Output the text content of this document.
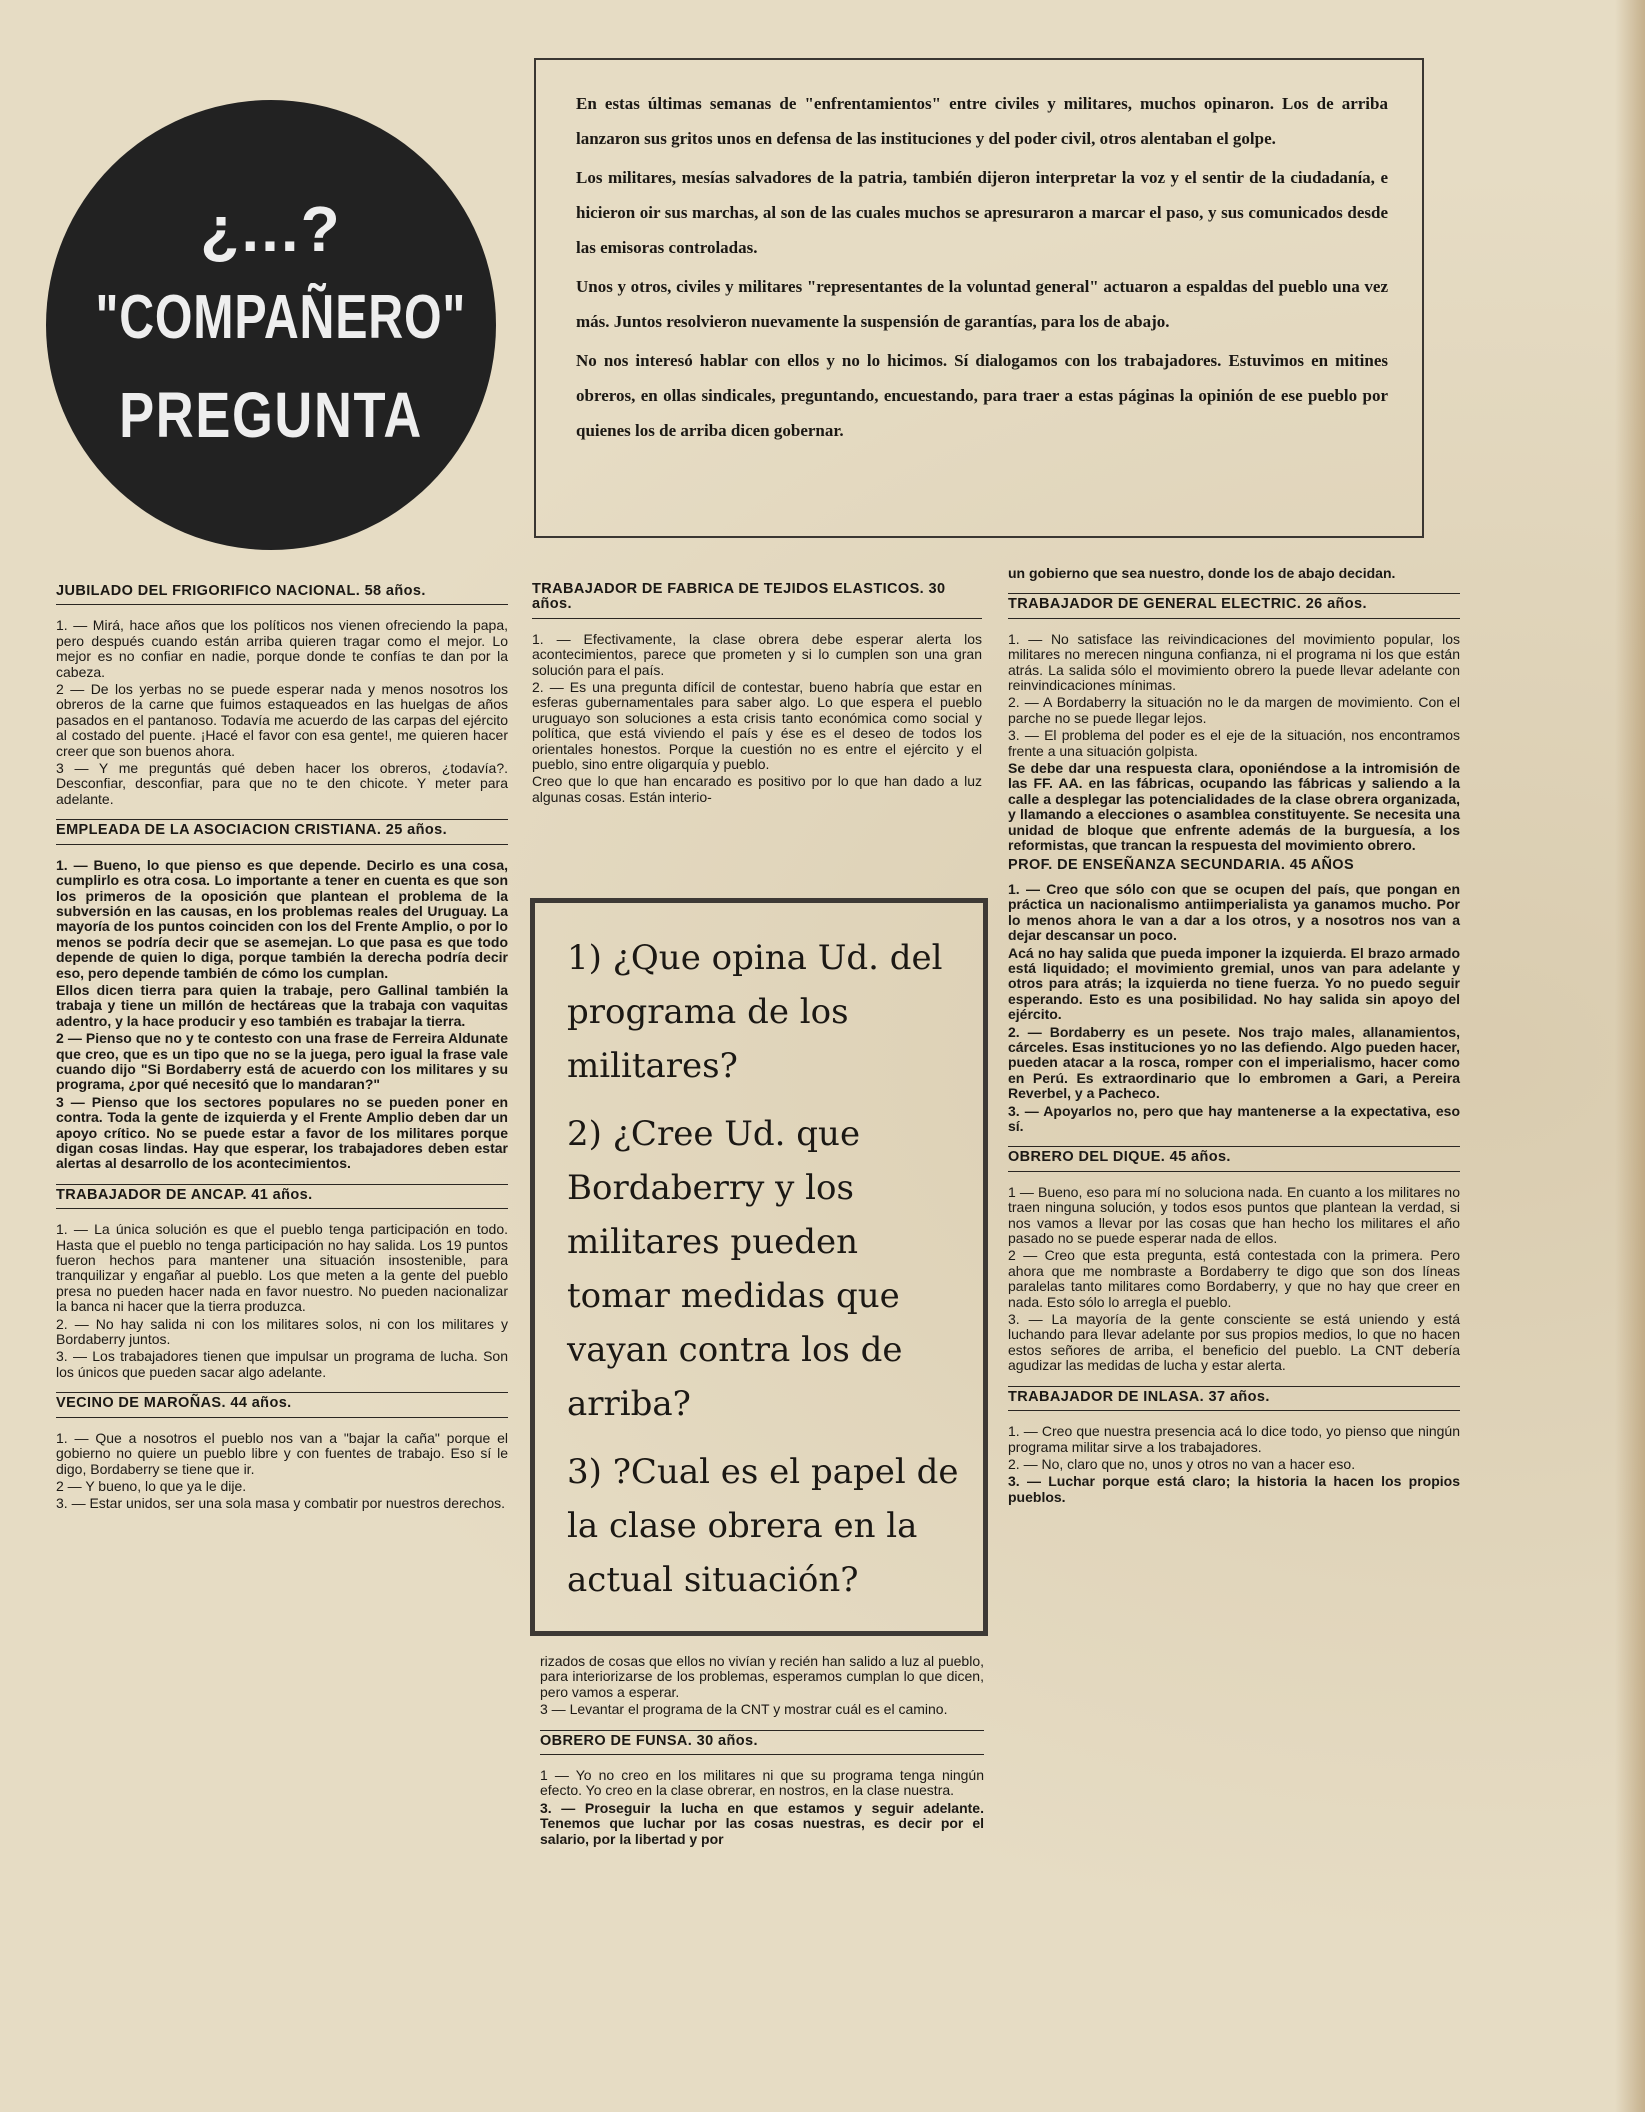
¿...?
"COMPAÑERO"
PREGUNTA

En estas últimas semanas de "enfrentamientos" entre civiles y militares, muchos opinaron. Los de arriba lanzaron sus gritos unos en defensa de las instituciones y del poder civil, otros alentaban el golpe.

Los militares, mesías salvadores de la patria, también dijeron interpretar la voz y el sentir de la ciudadanía, e hicieron oir sus marchas, al son de las cuales muchos se apresuraron a marcar el paso, y sus comunicados desde las emisoras controladas.

Unos y otros, civiles y militares "representantes de la voluntad general" actuaron a espaldas del pueblo una vez más. Juntos resolvieron nuevamente la suspensión de garantías, para los de abajo.

No nos interesó hablar con ellos y no lo hicimos. Sí dialogamos con los trabajadores. Estuvimos en mitines obreros, en ollas sindicales, preguntando, encuestando, para traer a estas páginas la opinión de ese pueblo por quienes los de arriba dicen gobernar.

JUBILADO DEL FRIGORIFICO NACIONAL. 58 años.

1. — Mirá, hace años que los políticos nos vienen ofreciendo la papa, pero después cuando están arriba quieren tragar como el mejor. Lo mejor es no confiar en nadie, porque donde te confías te dan por la cabeza.

2 — De los yerbas no se puede esperar nada y menos nosotros los obreros de la carne que fuimos estaqueados en las huelgas de años pasados en el pantanoso. Todavía me acuerdo de las carpas del ejército al costado del puente. ¡Hacé el favor con esa gente!, me quieren hacer creer que son buenos ahora.

3 — Y me preguntás qué deben hacer los obreros, ¿todavía?. Desconfiar, desconfiar, para que no te den chicote. Y meter para adelante.

EMPLEADA DE LA ASOCIACION CRISTIANA. 25 años.

1. — Bueno, lo que pienso es que depende. Decirlo es una cosa, cumplirlo es otra cosa. Lo importante a tener en cuenta es que son los primeros de la oposición que plantean el problema de la subversión en las causas, en los problemas reales del Uruguay. La mayoría de los puntos coinciden con los del Frente Amplio, o por lo menos se podría decir que se asemejan. Lo que pasa es que todo depende de quien lo diga, porque también la derecha podría decir eso, pero depende también de cómo los cumplan.

Ellos dicen tierra para quien la trabaje, pero Gallinal también la trabaja y tiene un millón de hectáreas que la trabaja con vaquitas adentro, y la hace producir y eso también es trabajar la tierra.

2 — Pienso que no y te contesto con una frase de Ferreira Aldunate que creo, que es un tipo que no se la juega, pero igual la frase vale cuando dijo "Si Bordaberry está de acuerdo con los militares y su programa, ¿por qué necesitó que lo mandaran?"

3 — Pienso que los sectores populares no se pueden poner en contra. Toda la gente de izquierda y el Frente Amplio deben dar un apoyo crítico. No se puede estar a favor de los militares porque digan cosas lindas. Hay que esperar, los trabajadores deben estar alertas al desarrollo de los acontecimientos.

TRABAJADOR DE ANCAP. 41 años.

1. — La única solución es que el pueblo tenga participación en todo. Hasta que el pueblo no tenga participación no hay salida. Los 19 puntos fueron hechos para mantener una situación insostenible, para tranquilizar y engañar al pueblo. Los que meten a la gente del pueblo presa no pueden hacer nada en favor nuestro. No pueden nacionalizar la banca ni hacer que la tierra produzca.

2. — No hay salida ni con los militares solos, ni con los militares y Bordaberry juntos.

3. — Los trabajadores tienen que impulsar un programa de lucha. Son los únicos que pueden sacar algo adelante.

VECINO DE MAROÑAS. 44 años.

1. — Que a nosotros el pueblo nos van a "bajar la caña" porque el gobierno no quiere un pueblo libre y con fuentes de trabajo. Eso sí le digo, Bordaberry se tiene que ir.

2 — Y bueno, lo que ya le dije.

3. — Estar unidos, ser una sola masa y combatir por nuestros derechos.

TRABAJADOR DE FABRICA DE TEJIDOS ELASTICOS. 30 años.

1. — Efectivamente, la clase obrera debe esperar alerta los acontecimientos, parece que prometen y si lo cumplen son una gran solución para el país.

2. — Es una pregunta difícil de contestar, bueno habría que estar en esferas gubernamentales para saber algo. Lo que espera el pueblo uruguayo son soluciones a esta crisis tanto económica como social y política, que está viviendo el país y ése es el deseo de todos los orientales honestos. Porque la cuestión no es entre el ejército y el pueblo, sino entre oligarquía y pueblo.

Creo que lo que han encarado es positivo por lo que han dado a luz algunas cosas. Están interio-

1) ¿Que opina Ud. del programa de los militares?

2) ¿Cree Ud. que Bordaberry y los militares pueden tomar medidas que vayan contra los de arriba?

3) ?Cual es el papel de la clase obrera en la actual situación?

rizados de cosas que ellos no vivían y recién han salido a luz al pueblo, para interiorizarse de los problemas, esperamos cumplan lo que dicen, pero vamos a esperar.

3 — Levantar el programa de la CNT y mostrar cuál es el camino.

OBRERO DE FUNSA. 30 años.

1 — Yo no creo en los militares ni que su programa tenga ningún efecto. Yo creo en la clase obrerar, en nostros, en la clase nuestra.

3. — Proseguir la lucha en que estamos y seguir adelante. Tenemos que luchar por las cosas nuestras, es decir por el salario, por la libertad y por

un gobierno que sea nuestro, donde los de abajo decidan.

TRABAJADOR DE GENERAL ELECTRIC. 26 años.

1. — No satisface las reivindicaciones del movimiento popular, los militares no merecen ninguna confianza, ni el programa ni los que están atrás. La salida sólo el movimiento obrero la puede llevar adelante con reinvindicaciones mínimas.

2. — A Bordaberry la situación no le da margen de movimiento. Con el parche no se puede llegar lejos.

3. — El problema del poder es el eje de la situación, nos encontramos frente a una situación golpista.

Se debe dar una respuesta clara, oponiéndose a la intromisión de las FF. AA. en las fábricas, ocupando las fábricas y saliendo a la calle a desplegar las potencialidades de la clase obrera organizada, y llamando a elecciones o asamblea constituyente. Se necesita una unidad de bloque que enfrente además de la burguesía, a los reformistas, que trancan la respuesta del movimiento obrero.

PROF. DE ENSEÑANZA SECUNDARIA. 45 AÑOS

1. — Creo que sólo con que se ocupen del país, que pongan en práctica un nacionalismo antiimperialista ya ganamos mucho. Por lo menos ahora le van a dar a los otros, y a nosotros nos van a dejar descansar un poco.

Acá no hay salida que pueda imponer la izquierda. El brazo armado está liquidado; el movimiento gremial, unos van para adelante y otros para atrás; la izquierda no tiene fuerza. Yo no puedo seguir esperando. Esto es una posibilidad. No hay salida sin apoyo del ejército.

2. — Bordaberry es un pesete. Nos trajo males, allanamientos, cárceles. Esas instituciones yo no las defiendo. Algo pueden hacer, pueden atacar a la rosca, romper con el imperialismo, hacer como en Perú. Es extraordinario que lo embromen a Gari, a Pereira Reverbel, y a Pacheco.

3. — Apoyarlos no, pero que hay mantenerse a la expectativa, eso sí.

OBRERO DEL DIQUE. 45 años.

1 — Bueno, eso para mí no soluciona nada. En cuanto a los militares no traen ninguna solución, y todos esos puntos que plantean la verdad, si nos vamos a llevar por las cosas que han hecho los militares el año pasado no se puede esperar nada de ellos.

2 — Creo que esta pregunta, está contestada con la primera. Pero ahora que me nombraste a Bordaberry te digo que son dos líneas paralelas tanto militares como Bordaberry, y que no hay que creer en nada. Esto sólo lo arregla el pueblo.

3. — La mayoría de la gente consciente se está uniendo y está luchando para llevar adelante por sus propios medios, lo que no hacen estos señores de arriba, el beneficio del pueblo. La CNT debería agudizar las medidas de lucha y estar alerta.

TRABAJADOR DE INLASA. 37 años.

1. — Creo que nuestra presencia acá lo dice todo, yo pienso que ningún programa militar sirve a los trabajadores.

2. — No, claro que no, unos y otros no van a hacer eso.

3. — Luchar porque está claro; la historia la hacen los propios pueblos.
